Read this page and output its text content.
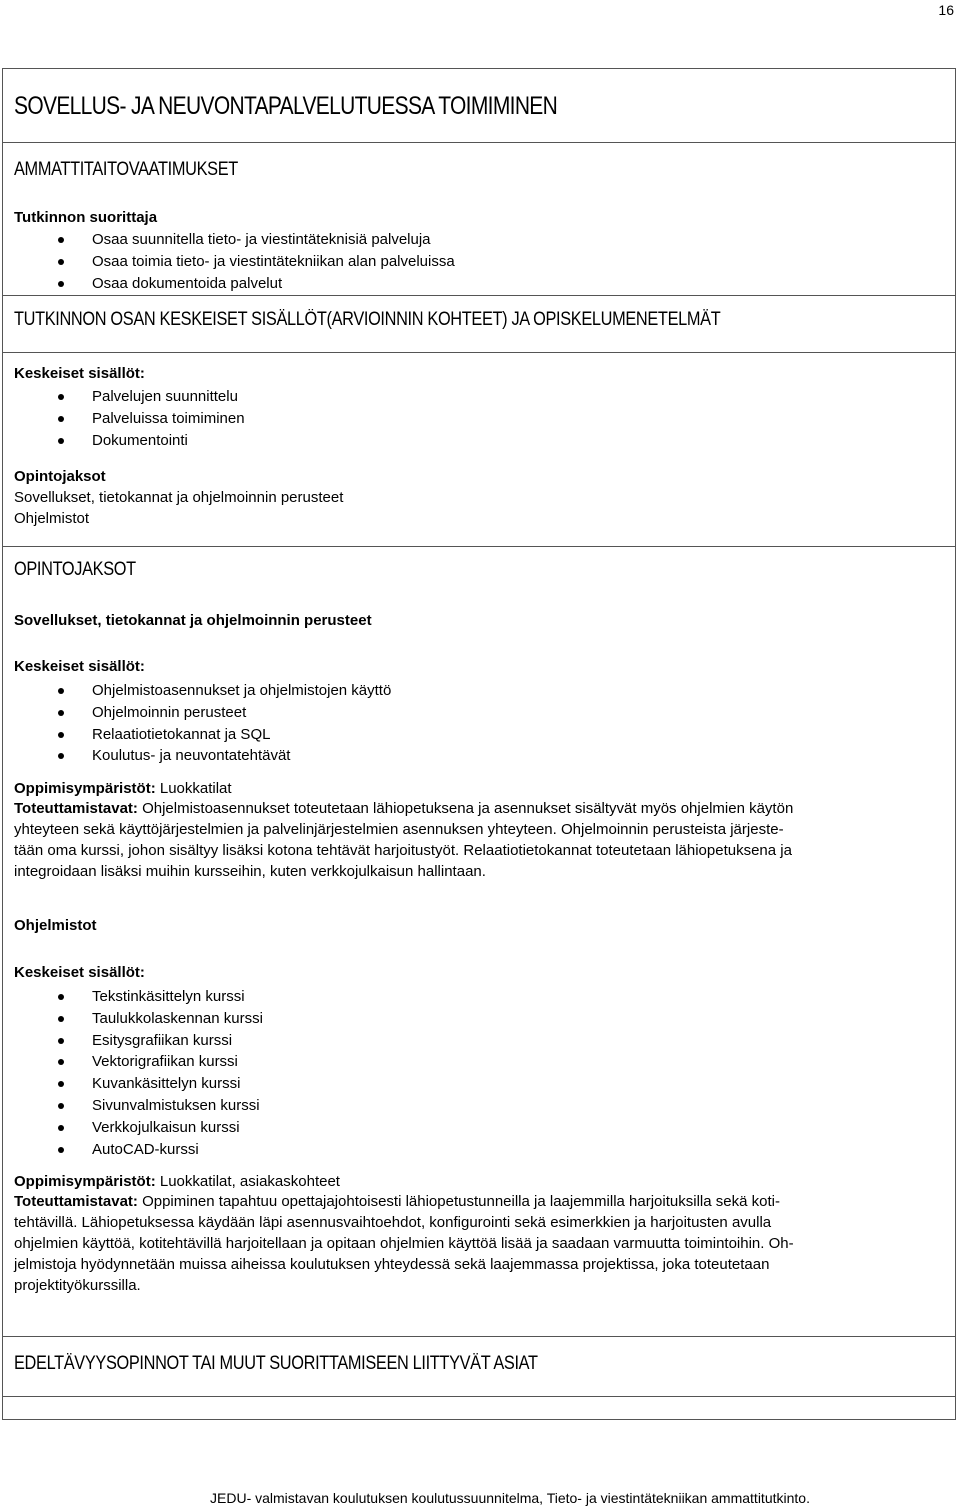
16
SOVELLUS- JA NEUVONTAPALVELUTUESSA TOIMIMINEN
AMMATTITAITOVAATIMUKSET
Tutkinnon suorittaja
Osaa suunnitella tieto- ja viestintäteknisiä palveluja
Osaa toimia tieto- ja viestintätekniikan alan palveluissa
Osaa dokumentoida palvelut
TUTKINNON OSAN KESKEISET SISÄLLÖT(ARVIOINNIN KOHTEET) JA OPISKELUMENETELMÄT
Keskeiset sisällöt:
Palvelujen suunnittelu
Palveluissa toimiminen
Dokumentointi
Opintojaksot
Sovellukset, tietokannat ja ohjelmoinnin perusteet
Ohjelmistot
OPINTOJAKSOT
Sovellukset, tietokannat ja ohjelmoinnin perusteet
Keskeiset sisällöt:
Ohjelmistoasennukset ja ohjelmistojen käyttö
Ohjelmoinnin perusteet
Relaatiotietokannat ja SQL
Koulutus- ja neuvontatehtävät
Oppimisympäristöt: Luokkatilat
Toteuttamistavat: Ohjelmistoasennukset toteutetaan lähiopetuksena ja asennukset sisältyvät myös ohjelmien käytön
yhteyteen sekä käyttöjärjestelmien ja palvelinjärjestelmien asennuksen yhteyteen. Ohjelmoinnin perusteista järjeste-
tään oma kurssi, johon sisältyy lisäksi kotona tehtävät harjoitustyöt. Relaatiotietokannat toteutetaan lähiopetuksena ja
integroidaan lisäksi muihin kursseihin, kuten verkkojulkaisun hallintaan.
Ohjelmistot
Keskeiset sisällöt:
Tekstinkäsittelyn kurssi
Taulukkolaskennan kurssi
Esitysgrafiikan kurssi
Vektorigrafiikan kurssi
Kuvankäsittelyn kurssi
Sivunvalmistuksen kurssi
Verkkojulkaisun kurssi
AutoCAD-kurssi
Oppimisympäristöt: Luokkatilat, asiakaskohteet
Toteuttamistavat: Oppiminen tapahtuu opettajajohtoisesti lähiopetustunneilla ja laajemmilla harjoituksilla sekä koti-
tehtävillä. Lähiopetuksessa käydään läpi asennusvaihtoehdot, konfigurointi sekä esimerkkien ja harjoitusten avulla
ohjelmien käyttöä, kotitehtävillä harjoitellaan ja opitaan ohjelmien käyttöä lisää ja saadaan varmuutta toimintoihin. Oh-
jelmistoja hyödynnetään muissa aiheissa koulutuksen yhteydessä sekä laajemmassa projektissa, joka toteutetaan
projektityökurssilla.
EDELTÄVYYSOPINNOT TAI MUUT SUORITTAMISEEN LIITTYVÄT ASIAT
JEDU- valmistavan koulutuksen koulutussuunnitelma, Tieto- ja viestintätekniikan ammattitutkinto.
